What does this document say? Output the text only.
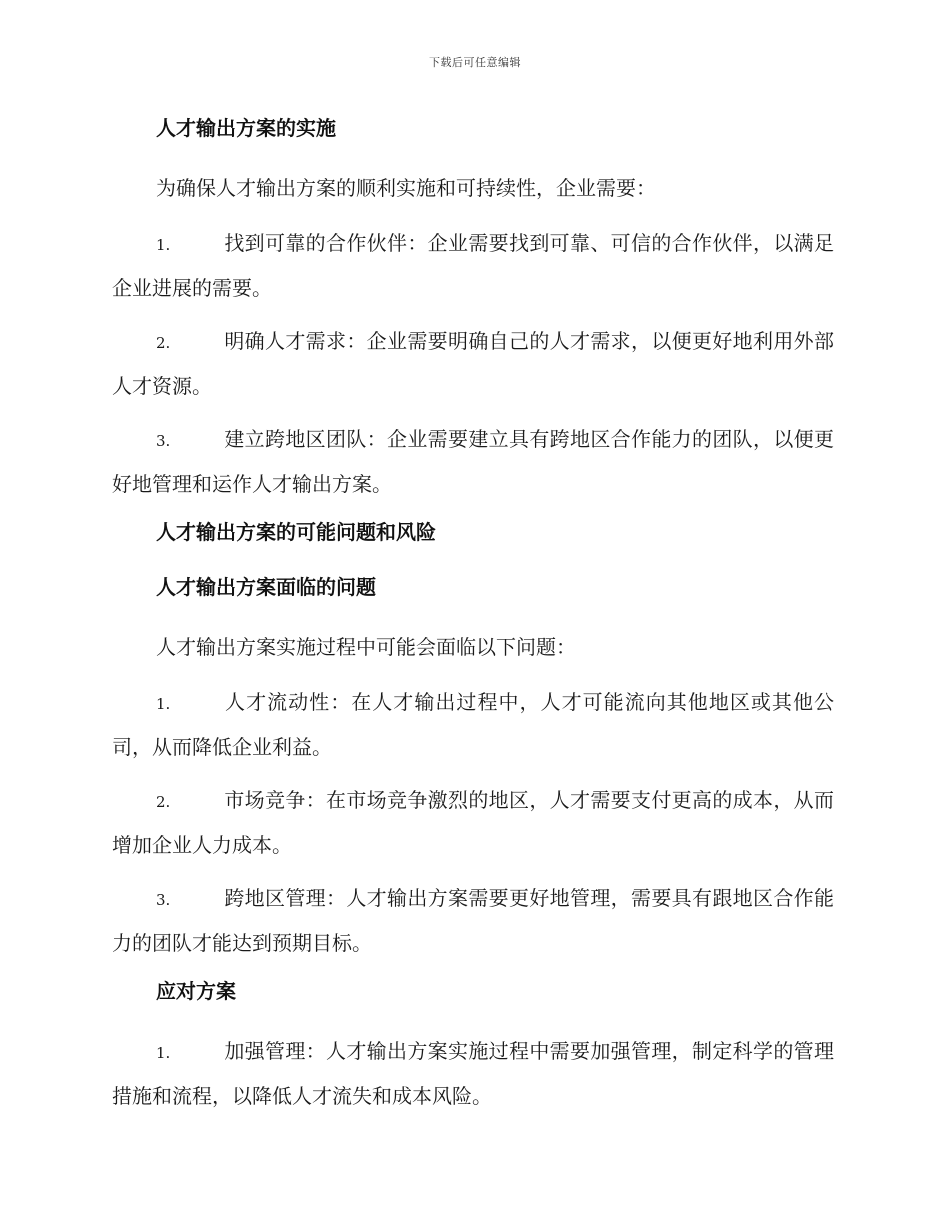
下载后可任意编辑
人才输出方案的实施

为确保人才输出方案的顺利实施和可持续性，企业需要：

1.	找到可靠的合作伙伴：企业需要找到可靠、可信的合作伙伴，以满足企业进展的需要。

2.	明确人才需求：企业需要明确自己的人才需求，以便更好地利用外部人才资源。

3.	建立跨地区团队：企业需要建立具有跨地区合作能力的团队，以便更好地管理和运作人才输出方案。

人才输出方案的可能问题和风险
人才输出方案面临的问题

人才输出方案实施过程中可能会面临以下问题：

1.	人才流动性：在人才输出过程中，人才可能流向其他地区或其他公司，从而降低企业利益。

2.	市场竞争：在市场竞争激烈的地区，人才需要支付更高的成本，从而增加企业人力成本。

3.	跨地区管理：人才输出方案需要更好地管理，需要具有跟地区合作能力的团队才能达到预期目标。

应对方案

1.	加强管理：人才输出方案实施过程中需要加强管理，制定科学的管理措施和流程，以降低人才流失和成本风险。
